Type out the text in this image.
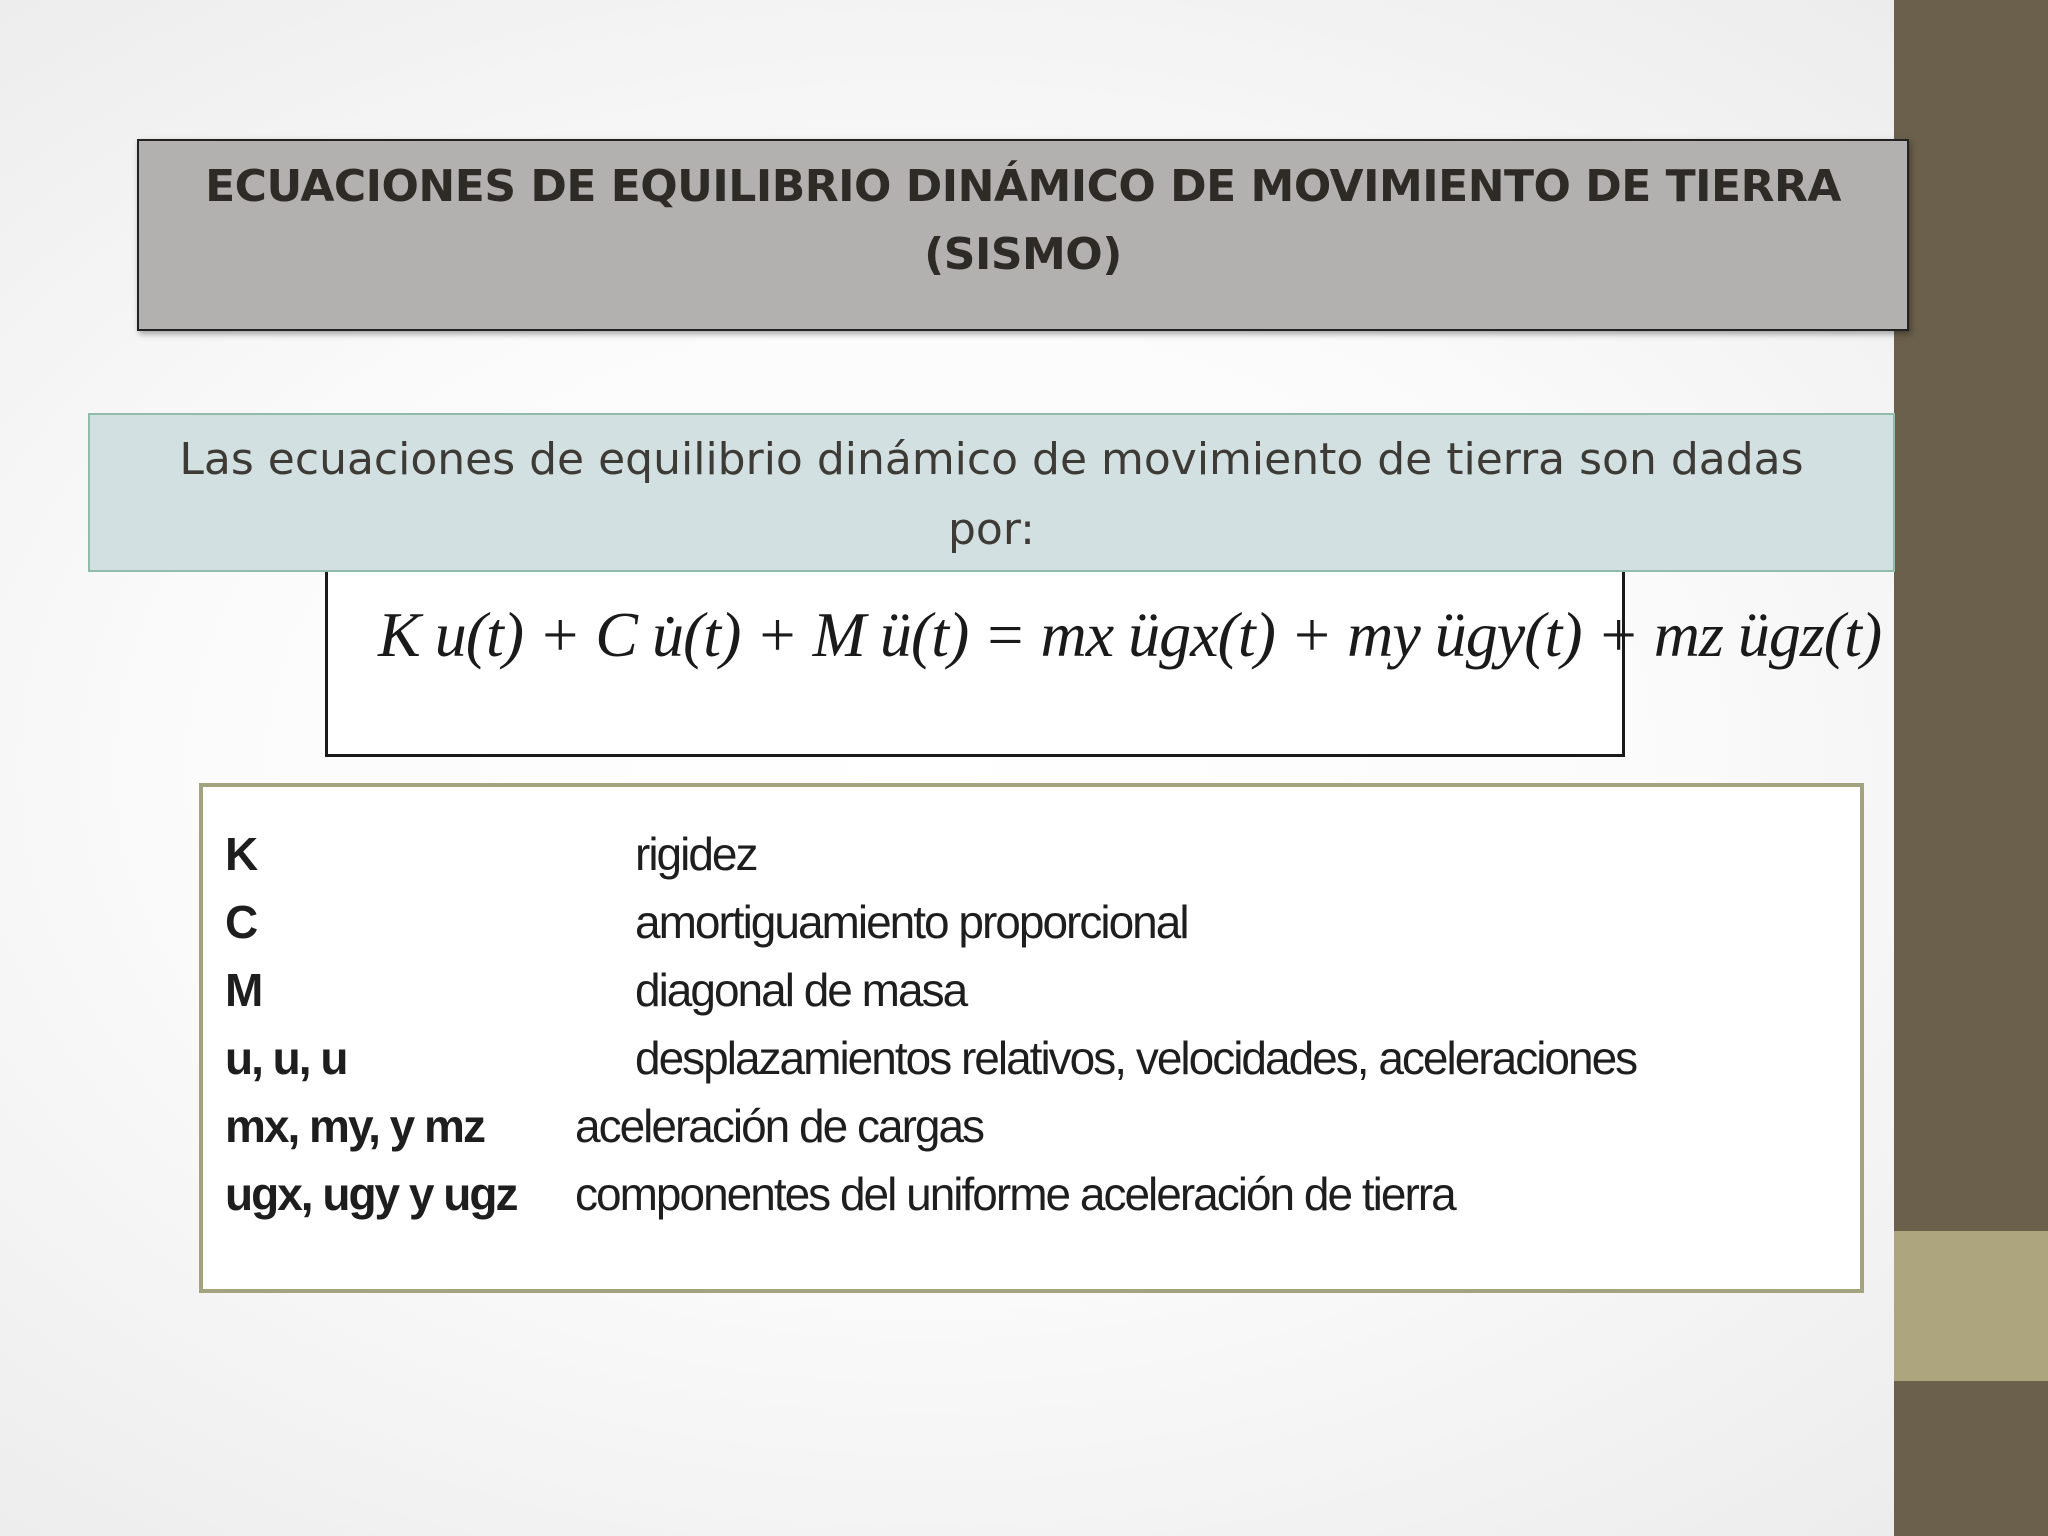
ECUACIONES DE EQUILIBRIO DINÁMICO DE MOVIMIENTO DE TIERRA
(SISMO)
Las ecuaciones de equilibrio dinámico de movimiento de tierra son dadas
por:
K u(t) + C u̇(t) + M ü(t) = mx ügx(t) + my ügy(t) + mz ügz(t)
K	rigidez
C	amortiguamiento proporcional
M	diagonal de masa
u, u, u	desplazamientos relativos, velocidades, aceleraciones
mx, my, y mz aceleración de cargas
ugx, ugy y ugz componentes del uniforme aceleración de tierra
